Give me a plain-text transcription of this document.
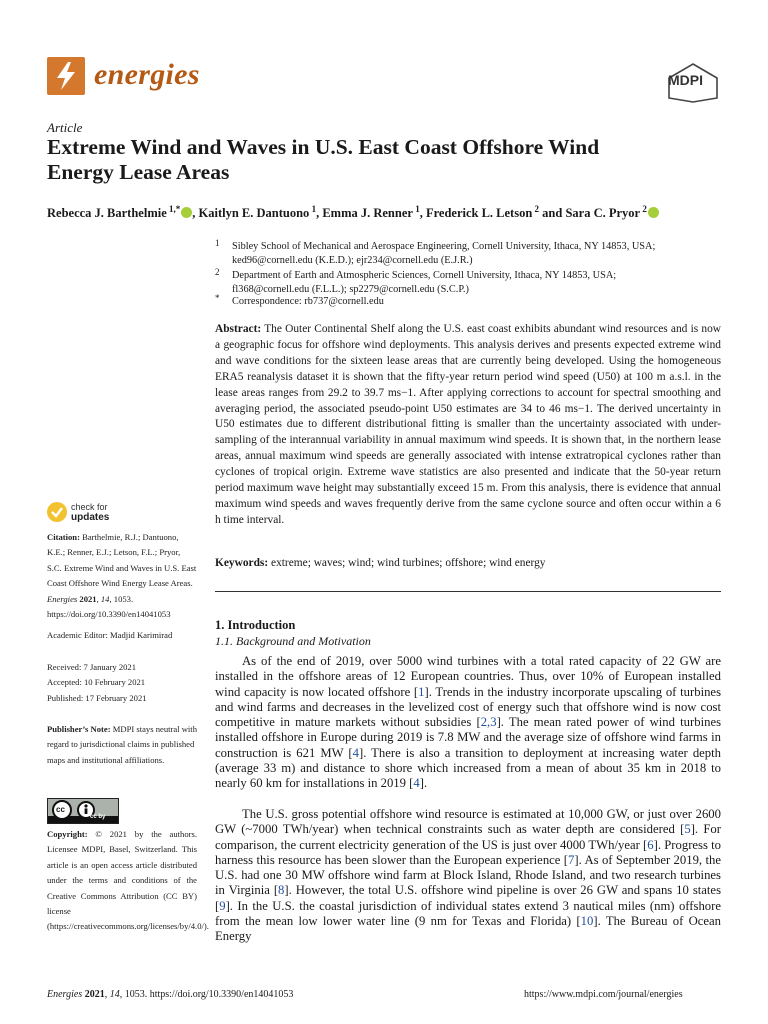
energies	MDPI
Article
Extreme Wind and Waves in U.S. East Coast Offshore Wind
Energy Lease Areas
Rebecca J. Barthelmie $^{1,*}$ , Kaitlyn E. Dantuono $^1$, Emma J. Renner $^1$, Frederick L. Letson $^2$ and Sara C. Pryor $^2$
1 Sibley School of Mechanical and Aerospace Engineering, Cornell University, Ithaca, NY 14853, USA;
ked96@cornell.edu (K.E.D.); ejr234@cornell.edu (E.J.R.)
2 Department of Earth and Atmospheric Sciences, Cornell University, Ithaca, NY 14853, USA;
fl368@cornell.edu (F.L.L.); sp2279@cornell.edu (S.C.P.)
* Correspondence: rb737@cornell.edu
Abstract: The Outer Continental Shelf along the U.S. east coast exhibits abundant wind resources and is now a geographic focus for offshore wind deployments. This analysis derives and presents expected extreme wind and wave conditions for the sixteen lease areas that are currently being developed. Using the homogeneous ERA5 reanalysis dataset it is shown that the fifty-year return period wind speed (U50) at 100 m a.s.l. in the lease areas ranges from 29.2 to 39.7 ms−1. After applying corrections to account for spectral smoothing and averaging period, the associated pseudo-point U50 estimates are 34 to 46 ms−1. The derived uncertainty in U50 estimates due to different distributional fitting is smaller than the uncertainty associated with under-sampling of the interannual variability in annual maximum wind speeds. It is shown that, in the northern lease areas, annual maximum wind speeds are generally associated with intense extratropical cyclones rather than cyclones of tropical origin. Extreme wave statistics are also presented and indicate that the 50-year return period maximum wave height may substantially exceed 15 m. From this analysis, there is evidence that annual maximum wind speeds and waves frequently derive from the same cyclone source and often occur within a 6 h time interval.
Keywords: extreme; waves; wind; wind turbines; offshore; wind energy
check for
updates
Citation: Barthelmie, R.J.; Dantuono, K.E.; Renner, E.J.; Letson, F.L.; Pryor, S.C. Extreme Wind and Waves in U.S. East Coast Offshore Wind Energy Lease Areas. Energies 2021, 14, 1053. https://doi.org/10.3390/en14041053
Academic Editor: Madjid Karimirad
Received: 7 January 2021
Accepted: 10 February 2021
Published: 17 February 2021
Publisher’s Note: MDPI stays neutral with regard to jurisdictional claims in published maps and institutional affiliations.
cc by
cc
Copyright: © 2021 by the authors. Licensee MDPI, Basel, Switzerland. This article is an open access article distributed under the terms and conditions of the Creative Commons Attribution (CC BY) license (https://creativecommons.org/licenses/by/4.0/).
1. Introduction
1.1. Background and Motivation
As of the end of 2019, over 5000 wind turbines with a total rated capacity of 22 GW are installed in the offshore areas of 12 European countries. Thus, over 10% of European installed wind capacity is now located offshore [1]. Trends in the industry incorporate upscaling of turbines and wind farms and decreases in the levelized cost of energy such that offshore wind is now cost competitive in mature markets without subsidies [2,3]. The mean rated power of wind turbines installed offshore in Europe during 2019 is 7.8 MW and the average size of offshore wind farms in construction is 621 MW [4]. There is also a transition to deployment at increasing water depth (average 33 m) and distance to shore which increased from a mean of about 35 km in 2018 to nearly 60 km for installations in 2019 [4].
The U.S. gross potential offshore wind resource is estimated at 10,000 GW, or just over 2600 GW (~7000 TWh/year) when technical constraints such as water depth are considered [5]. For comparison, the current electricity generation of the US is just over 4000 TWh/year [6]. Progress to harness this resource has been slower than the European experience [7]. As of September 2019, the U.S. had one 30 MW offshore wind farm at Block Island, Rhode Island, and two research turbines in Virginia [8]. However, the total U.S. offshore wind pipeline is over 26 GW and spans 10 states [9]. In the U.S. the coastal jurisdiction of individual states extend 3 nautical miles (nm) offshore from the mean low lower water line (9 nm for Texas and Florida) [10]. The Bureau of Ocean Energy
Energies 2021, 14, 1053. https://doi.org/10.3390/en14041053	https://www.mdpi.com/journal/energies
